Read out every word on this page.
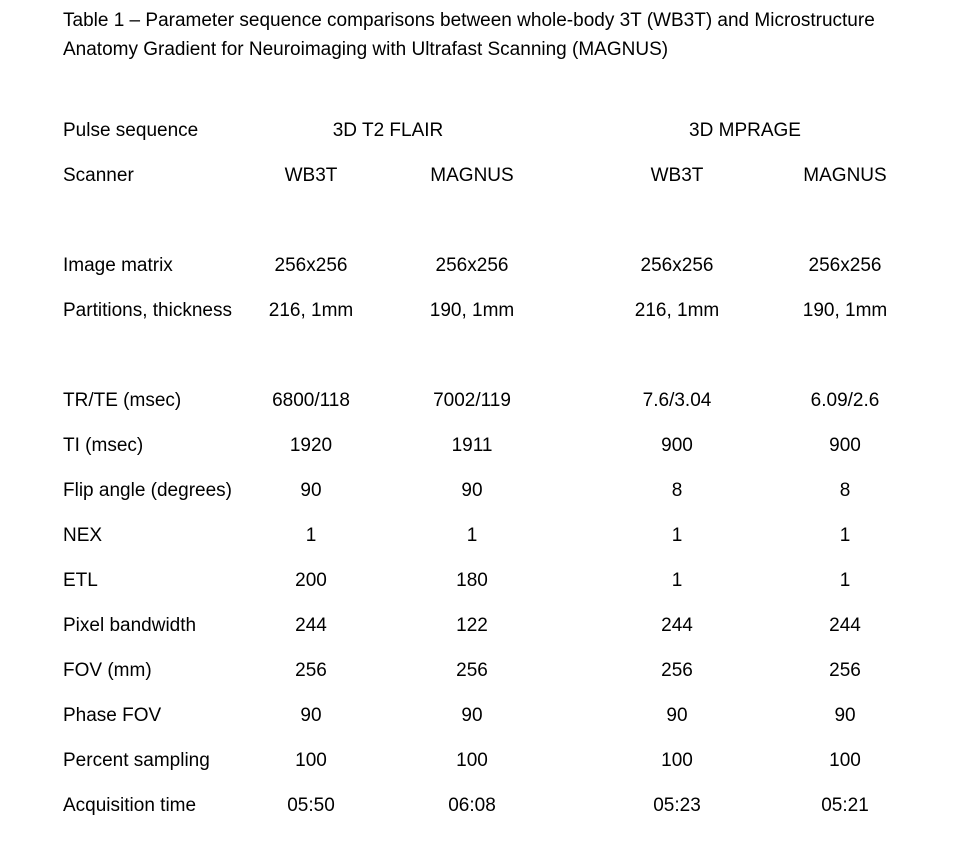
Table 1 – Parameter sequence comparisons between whole-body 3T (WB3T) and Microstructure
Anatomy Gradient for Neuroimaging with Ultrafast Scanning (MAGNUS)
Pulse sequence	3D T2 FLAIR		3D MPRAGE	
Scanner	WB3T	MAGNUS	WB3T	MAGNUS

Image matrix	256x256	256x256	256x256	256x256
Partitions, thickness	216, 1mm	190, 1mm	216, 1mm	190, 1mm

TR/TE (msec)	6800/118	7002/119	7.6/3.04	6.09/2.6
TI (msec)	1920	1911	900	900
Flip angle (degrees)	90	90	8	8
NEX	1	1	1	1
ETL	200	180	1	1
Pixel bandwidth	244	122	244	244
FOV (mm)	256	256	256	256
Phase FOV	90	90	90	90
Percent sampling	100	100	100	100
Acquisition time	05:50	06:08	05:23	05:21
